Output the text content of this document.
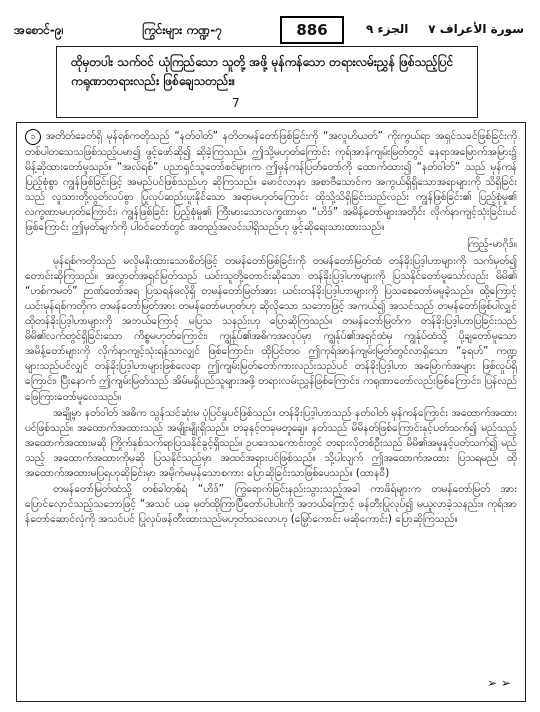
အစောင်-၉၊	ကြွင်းများ ကဏ္ဍ-၇	886	الجزء ٩ سورة الأعراف ٧

ထိုမှတပါး သက်ဝင် ယုံကြည်သော သူတို့ အဖို့ မုန်ကန်သော တရားလမ်းညွှန် ဖြစ်သည့်ပြင် ကရုဏာတရားလည်း ဖြစ်ချေသတည်း။

7

၁ အတိတ်ခေတ်ရှိ မုန်ရစ်ကတိုသည် “နတ်ဝါတ်” နတိတမန်တော်ဖြစ်ခြင်းကို “အလူဟိယတ်” ကိုးကွယ်ရာ အရှင်သခင်ဖြစ်ခြင်းကို တစ်ပါတသေသဖြစ်သည့်ပမာ၍ ဖွင့်ဖော်ဆို၍ ဆိုခဲ့ကြသည်။ ဤသို့မဟုတ်ကြောင်း ကုရ်အာန်ကျမ်းမြတ်တွင် နေရာအမြောက်အမြား၌ မိန့်ဆိုထားတော်မူသည်။ “အလ်ရစ်” ပညာရှင်သူတော်စင်များက ဤမှန်ကန်ပြတ်တော်ကို ထောက်ထား၍ “နတ်ဝါတ်” သည် မုန်ကန်ပြည့်စုံစွာ ကျွန်ဖြစ်ခြင်းဖြင့် အမည်ပင်ဖြစ်သည်ဟု ဆိုကြသည်။ မောင်လာနာ အစာဗီသောင်က အကွယ်ရှိရှိသောအရာများကို သိရှိခြင်းသည် လူသားတို့လွတ်လပ်စွာ ပြုလုပ်ဆည်းပူးနိုင်သော အရာမဟုတ်ကြောင်း ထိုသို့သိရှိခြင်းသည်လည်း ကျွန်ဖြစ်ခြင်း၏ ပြည့်စုံမှု၏ လက္ခဏာမဟုတ်ကြောင်း၊ ကျွန်ဖြစ်ခြင်း ပြည့်စုံမှု၏ ကြီးမားသောလက္ခဏာမှာ “ဟိဒ်” အမိန့်တော်များအတိုင်း လိုက်နာကျင့်သုံးခြင်းပင်ဖြစ်ကြောင်း ဤမှတ်ချက်ကို ပါဝင်တော်တွင် အတည့်အလင်းပါရှိသည်ဟု ဖွင့်ဆိုရေးသားထားသည်။

ကြည့်-မာဂိုဒ်။

မုန်ရစ်ကတိုသည် မလိုမနိုးထားသောစိတ်ဖြင့် တမန်တော်ဖြစ်ခြင်းကို တမန်တော်မြတ်ထံ တန်ခိုးပြဒ့ါဟာများကို သက်မှတ်၍ တောင်းဆိုကြသည်။ အလွှာတ်အရှင်မြတ်သည် ယင်းသူတို့တောင်းဆိုသော တန်ခိုးပြဒ့ါဟာများကို ပြသနိုင်တော်မူသော်လည်း မိမိ၏ “ဟစ်ကမတ်” ဉာဏ်တော်အရ ပြသရန်မလိုရှိ တမန်တော်မြတ်အား ယင်းတန်ခိုးပြဒ့ါဟာများကို ပြသစေတော်မမူခဲ့သည်။ ထို့ကြောင့် ယင်းမုန်ရစ်ကတိုက တမန်တော်မြတ်အား တမန်တော်မဟုတ်ဟု ဆိုလိုသော သဘောဖြင့် အကယ်၍ အသင်သည် တမန်တော်ဖြစ်ပါလျှင် ထိုတန်ခိုးပြဒ့ါဟာများကို အဘယ်ကြောင့် မပြသ သနည်းဟု ပြောဆိုကြသည်။ တမန်တော်မြတ်က တန်ခိုးပြဒ့ါဟာပြခြင်းသည် မိမိ၏လက်တွင်ရှိခြင်းသော ကိစ္စမဟုတ်ကြောင်း၊ ကျွန်ုပ်၏အဓိကအလုပ်မှာ ကျွန်ုပ်၏အရှင်ထံမှ ကျွန်ုပ်ထံသို့ ပို့ချတော်မူသော အမိန့်တော်များကို လိုက်နာကျင့်သုံးရန်သာလျှင် ဖြစ်ကြောင်း၊ ထိုပြင်တဝ ဤကုရ်အာန်ကျမ်းမြတ်တွင်လာရှိသော “ခုရဟ်” ကဏ္ဍများသည်ပင်လျှင် တန်ခိုးပြဒ့ါဟာများဖြစ်လေရာ ဤကျမ်းမြတ်တော်ကားလည်းသည်ပင် တန်ခိုးပြဒ့ါဟာ အမြောက်အများ ဖြစ်လှုပ်ရှိကြောင်း၊ ပြီးနောက် ဤကျမ်းမြတ်သည် အိမ်မရှိပည်သူများအဖို့ တရားလမ်းညွှန်ဖြစ်ကြောင်း၊ ကရုဏာတော်လည်းဖြစ်ကြောင်း၊ ပြန်လည်ဖြေကြားတော်မူလေသည်။

အချို့မှာ နတ်ဝါတ် အဓိက သွန်သင်ဆုံးမ ပုံပြင်မှုပင်ဖြစ်သည်။ တန်ခိုးပြဒ့ါဟာသည် နတ်ဝါတ် မုန်ကန်ကြောင်း အထောက်အထားပင်ဖြစ်သည်။ အထောက်အထားသည် အမျိုးမျိုးရှိသည်။ တခုနှင့်တခုမတူချေ။ နတ်သည် မိမိနတ်ဖြစ်ကြောင်းနှင့်ပတ်သက်၍ မည်သည့်အထောက်အထားမဆို ကြိုက်နှစ်သက်ရာပြသနိုင်ခွင့်ရှိသည်။ ဥပဒေသကောင်းတွင် တရားလိုတစ်ဦးသည် မိမိ၏အမှုနှင့်ပတ်သက်၍ မည်သည့် အထောက်အထားကိုမဆို ပြသနိုင်သည်မှာ အထင်အရှားပင်ဖြစ်သည်။ သို့ပါလျက် ဤအထောက်အထား ပြသရမည်၊ ထိုအထောက်အထားမပြရဟုဆိုခြင်းမှာ အမိုက်မမှန်သောစကား ပြောဆိုခြင်းသာဖြစ်ပေသည်။ (ထာနဝီ)

တမန်တော်မြတ်ထံသို့ တစ်ခါတစ်ရံ “ဟိဒ်” ကြွရောက်ခြင်းနည်းသွားသည့်အခါ ကာဖိရ်များက တမန်တော်မြတ် အား ပြောင်လှောင်သည့်သဘောဖြင့် “အသင် ယခု မှတ်ထိုကြာပြီတော်ပါးပါးကို အဘယ်ကြောင့် ဖန်တီးပြုလုပ်၍ မယူလာခဲ့သနည်း။ ကုရ်အာန်တော်ဆောင်လုံကို အသင်ပင် ပြုလုပ်ဖန်တီးထားသည်မဟုတ်သလောဟု (မြှော်ကောင်း မဆိုကောင်း) ပြောဆိုကြသည်။

➢ ➢
